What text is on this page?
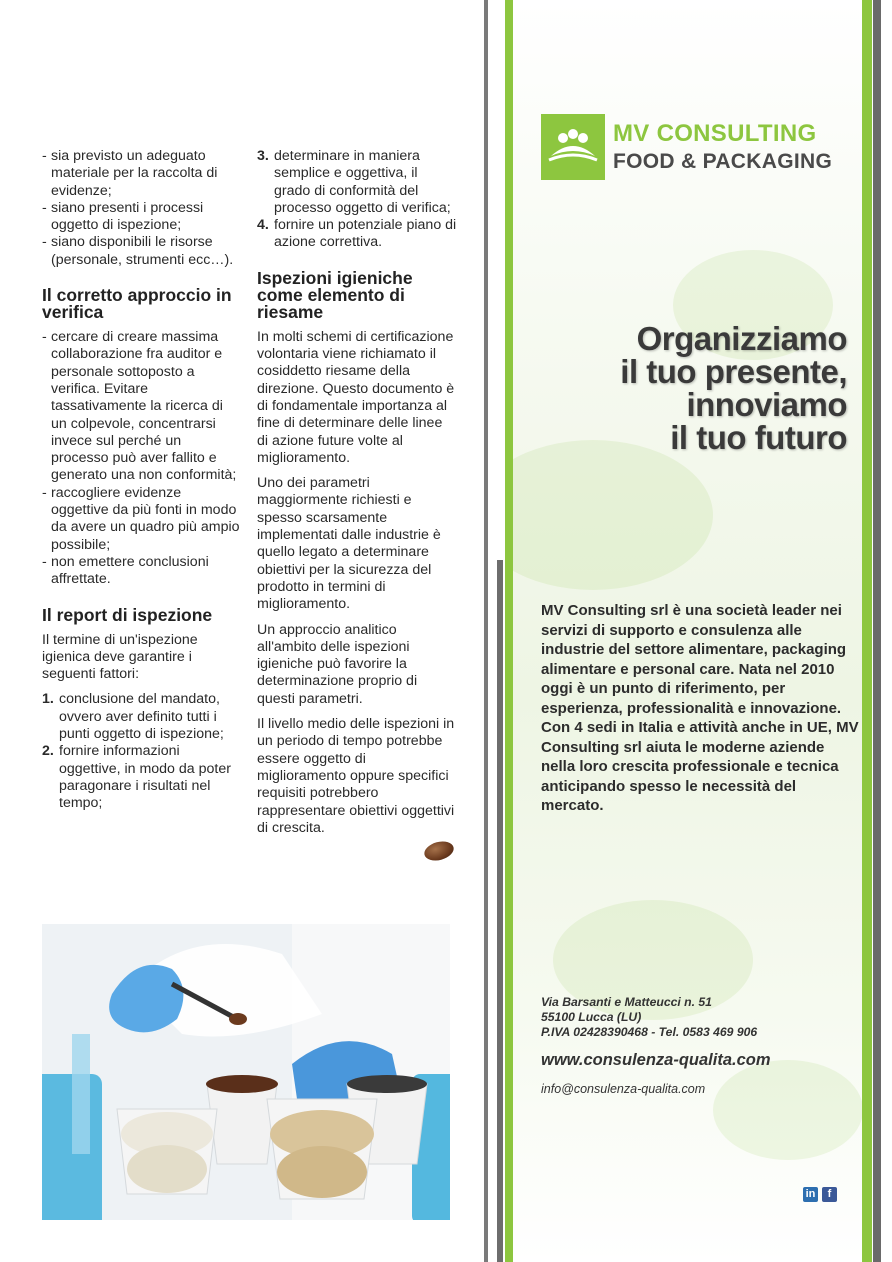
- sia previsto un adeguato materiale per la raccolta di evidenze;
- siano presenti i processi oggetto di ispezione;
- siano disponibili le risorse (personale, strumenti ecc…).
Il corretto approccio in verifica
- cercare di creare massima collaborazione fra auditor e personale sottoposto a verifica. Evitare tassativamente la ricerca di un colpevole, concentrarsi invece sul perché un processo può aver fallito e generato una non conformità;
- raccogliere evidenze oggettive da più fonti in modo da avere un quadro più ampio possibile;
- non emettere conclusioni affrettate.
Il report di ispezione

Il termine di un'ispezione igienica deve garantire i seguenti fattori:

1. conclusione del mandato, ovvero aver definito tutti i punti oggetto di ispezione;
2. fornire informazioni oggettive, in modo da poter paragonare i risultati nel tempo;
3. determinare in maniera semplice e oggettiva, il grado di conformità del processo oggetto di verifica;
4. fornire un potenziale piano di azione correttiva.
Ispezioni igieniche come elemento di riesame

In molti schemi di certificazione volontaria viene richiamato il cosiddetto riesame della direzione. Questo documento è di fondamentale importanza al fine di determinare delle linee di azione future volte al miglioramento.

Uno dei parametri maggiormente richiesti e spesso scarsamente implementati dalle industrie è quello legato a determinare obiettivi per la sicurezza del prodotto in termini di miglioramento.

Un approccio analitico all'ambito delle ispezioni igieniche può favorire la determinazione proprio di questi parametri.

Il livello medio delle ispezioni in un periodo di tempo potrebbe essere oggetto di miglioramento oppure specifici requisiti potrebbero rappresentare obiettivi oggettivi di crescita.

MV CONSULTING
FOOD & PACKAGING
Organizziamo
il tuo presente,
innoviamo
il tuo futuro
MV Consulting srl è una società leader nei servizi di supporto e consulenza alle industrie del settore alimentare, packaging alimentare e personal care. Nata nel 2010 oggi è un punto di riferimento, per esperienza, professionalità e innovazione. Con 4 sedi in Italia e attività anche in UE, MV Consulting srl aiuta le moderne aziende nella loro crescita professionale e tecnica anticipando spesso le necessità del mercato.
Via Barsanti e Matteucci n. 51
55100 Lucca (LU)
P.IVA 02428390468 - Tel. 0583 469 906
www.consulenza-qualita.com
info@consulenza-qualita.com
in	f
